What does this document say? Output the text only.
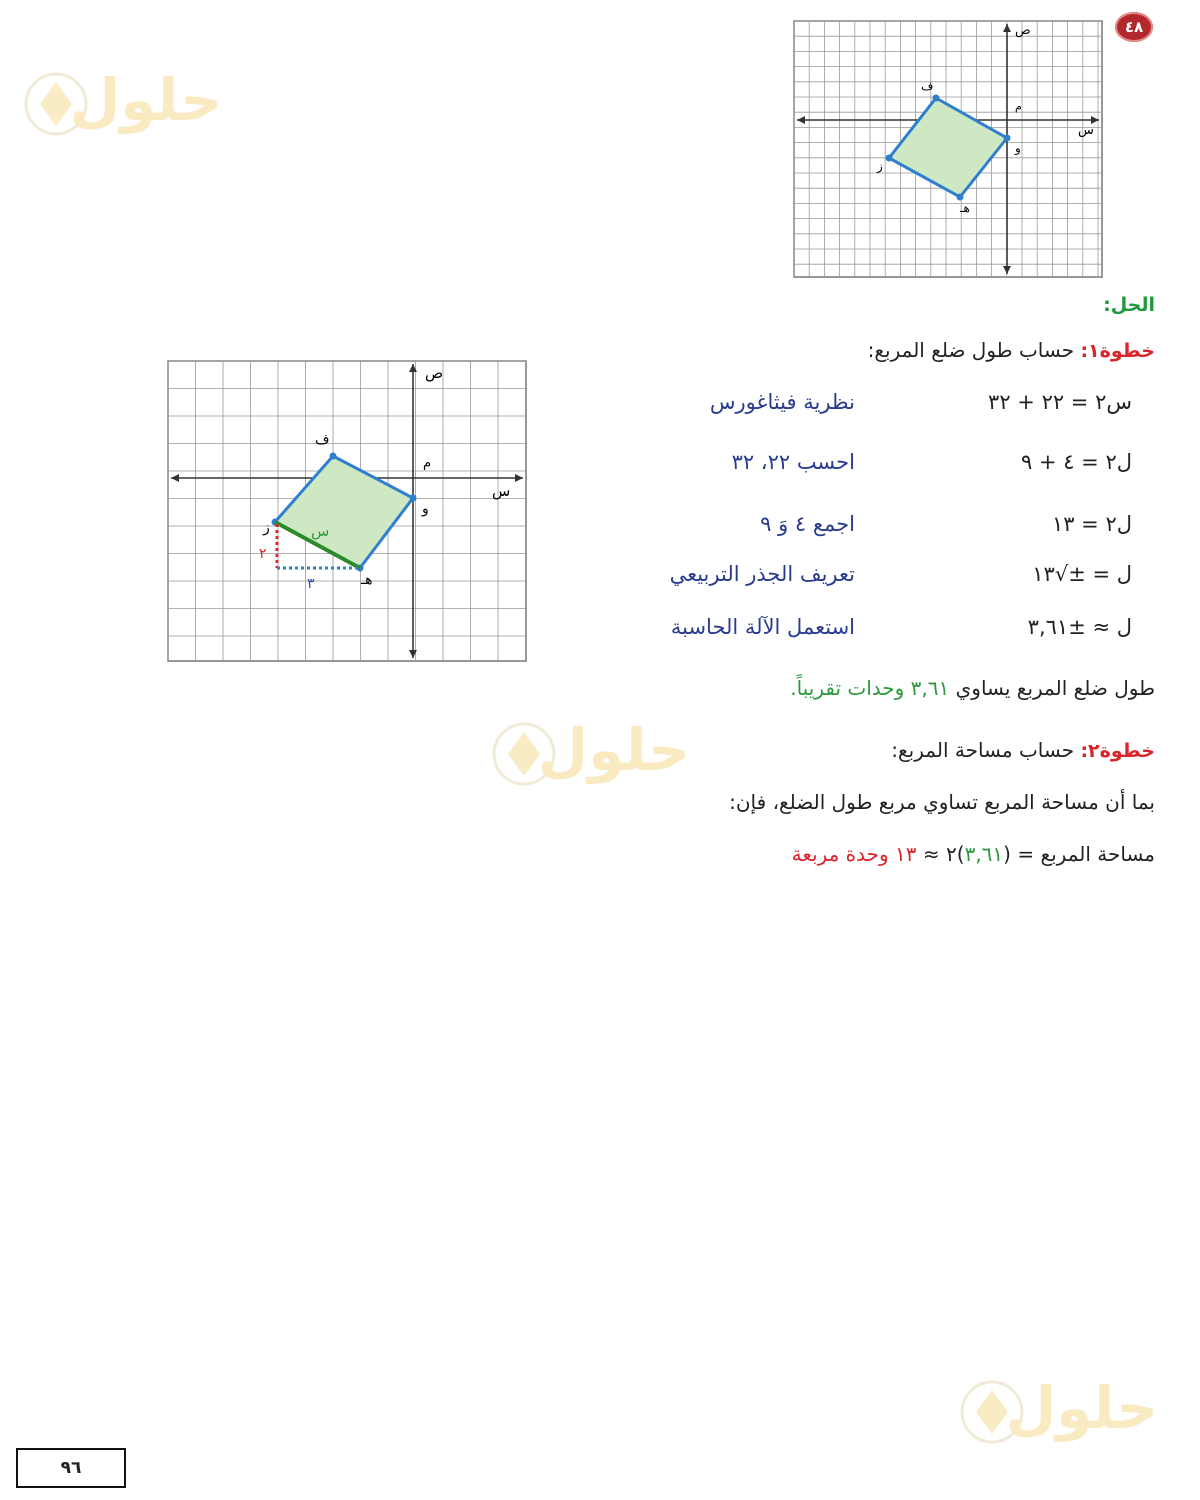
٤٨
ص
س
ف
م
و
ز
هـ
ص
س
ف
م
و
ز
هـ
س
٢
٣
الحل:
خطوة١: حساب طول ضلع المربع:
س٢ = ٢٢ + ٣٢
نظرية فيثاغورس
ل٢ = ٤ + ٩
احسب ٢٢، ٣٢
ل٢ = ١٣
اجمع ٤ وَ ٩
ل = ±√١٣
تعريف الجذر التربيعي
ل ≈ ±٣,٦١
استعمل الآلة الحاسبة
طول ضلع المربع يساوي ٣,٦١ وحدات تقريباً.
خطوة٢: حساب مساحة المربع:
بما أن مساحة المربع تساوي مربع طول الضلع، فإن:
مساحة المربع = (٣,٦١)٢ ≈ ١٣ وحدة مربعة
حلول
حلول
حلول
٩٦
